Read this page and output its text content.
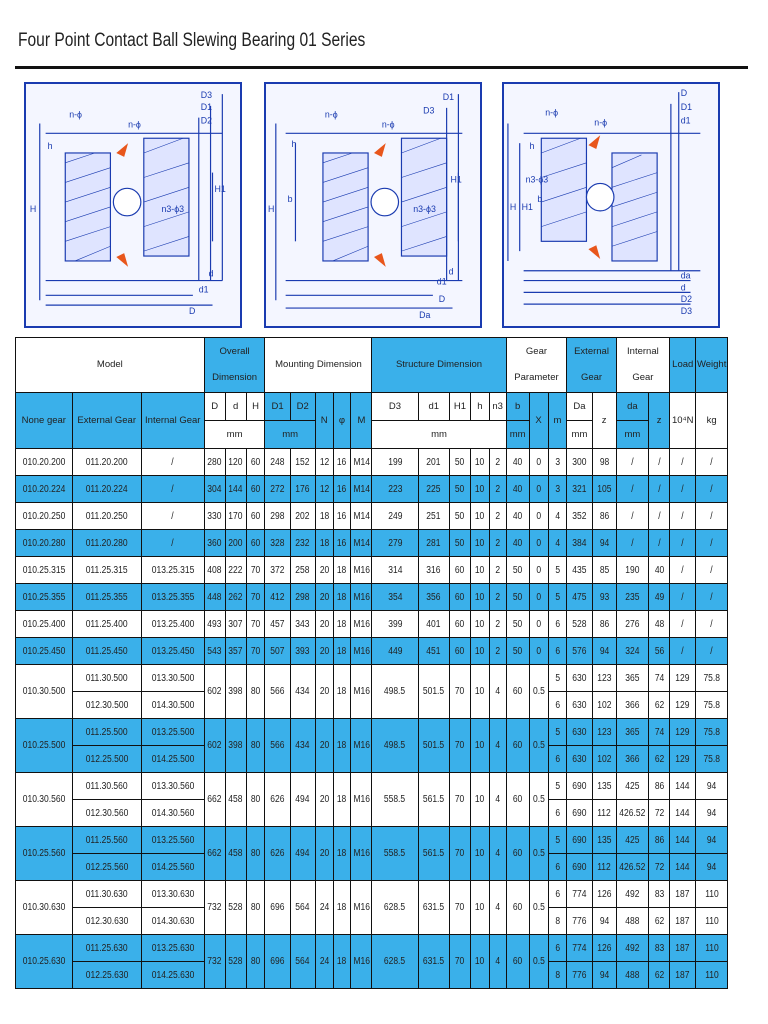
Four Point Contact Ball Slewing Bearing 01 Series
n-ϕ
n-ϕ
h
H
H1
n3-ϕ3
D3
D1
D2
d
d1
D
n-ϕ
n-ϕ
h
H
b
n3-ϕ3
H1
D1
d1
d
Da
D
D3	n-ϕ
n-ϕ
H H1
h
b
n3-ϕ3
D
D1
d1
da
d
D2
D3
Model			Overall
Dimension			Mounting Dimension					Structure Dimension					Gear
Parameter			External
Gear		Internal
Gear		Load	Weight
None gear	External Gear	Internal Gear	D	d	H	D1	D2	N	φ	M	D3	d1	H1	h	n3	b	X	m	Da	z	da	z	10⁴N	kg
			mm			mm					mm					mm			mm		mm			
010.20.200	011.20.200	/	280	120	60	248	152	12	16	M14	199	201	50	10	2	40	0	3	300	98	/	/	/	/
010.20.224	011.20.224	/	304	144	60	272	176	12	16	M14	223	225	50	10	2	40	0	3	321	105	/	/	/	/
010.20.250	011.20.250	/	330	170	60	298	202	18	16	M14	249	251	50	10	2	40	0	4	352	86	/	/	/	/
010.20.280	011.20.280	/	360	200	60	328	232	18	16	M14	279	281	50	10	2	40	0	4	384	94	/	/	/	/
010.25.315	011.25.315	013.25.315	408	222	70	372	258	20	18	M16	314	316	60	10	2	50	0	5	435	85	190	40	/	/
010.25.355	011.25.355	013.25.355	448	262	70	412	298	20	18	M16	354	356	60	10	2	50	0	5	475	93	235	49	/	/
010.25.400	011.25.400	013.25.400	493	307	70	457	343	20	18	M16	399	401	60	10	2	50	0	6	528	86	276	48	/	/
010.25.450	011.25.450	013.25.450	543	357	70	507	393	20	18	M16	449	451	60	10	2	50	0	6	576	94	324	56	/	/
010.30.500	011.30.500	013.30.500	602	398	80	566	434	20	18	M16	498.5	501.5	70	10	4	60	0.5	5	630	123	365	74	129	75.8
	012.30.500	014.30.500																6	630	102	366	62	129	75.8
010.25.500	011.25.500	013.25.500	602	398	80	566	434	20	18	M16	498.5	501.5	70	10	4	60	0.5	5	630	123	365	74	129	75.8
	012.25.500	014.25.500																6	630	102	366	62	129	75.8
010.30.560	011.30.560	013.30.560	662	458	80	626	494	20	18	M16	558.5	561.5	70	10	4	60	0.5	5	690	135	425	86	144	94
	012.30.560	014.30.560																6	690	112	426.52	72	144	94
010.25.560	011.25.560	013.25.560	662	458	80	626	494	20	18	M16	558.5	561.5	70	10	4	60	0.5	5	690	135	425	86	144	94
	012.25.560	014.25.560																6	690	112	426.52	72	144	94
010.30.630	011.30.630	013.30.630	732	528	80	696	564	24	18	M16	628.5	631.5	70	10	4	60	0.5	6	774	126	492	83	187	110
	012.30.630	014.30.630																8	776	94	488	62	187	110
010.25.630	011.25.630	013.25.630	732	528	80	696	564	24	18	M16	628.5	631.5	70	10	4	60	0.5	6	774	126	492	83	187	110
	012.25.630	014.25.630																8	776	94	488	62	187	110
